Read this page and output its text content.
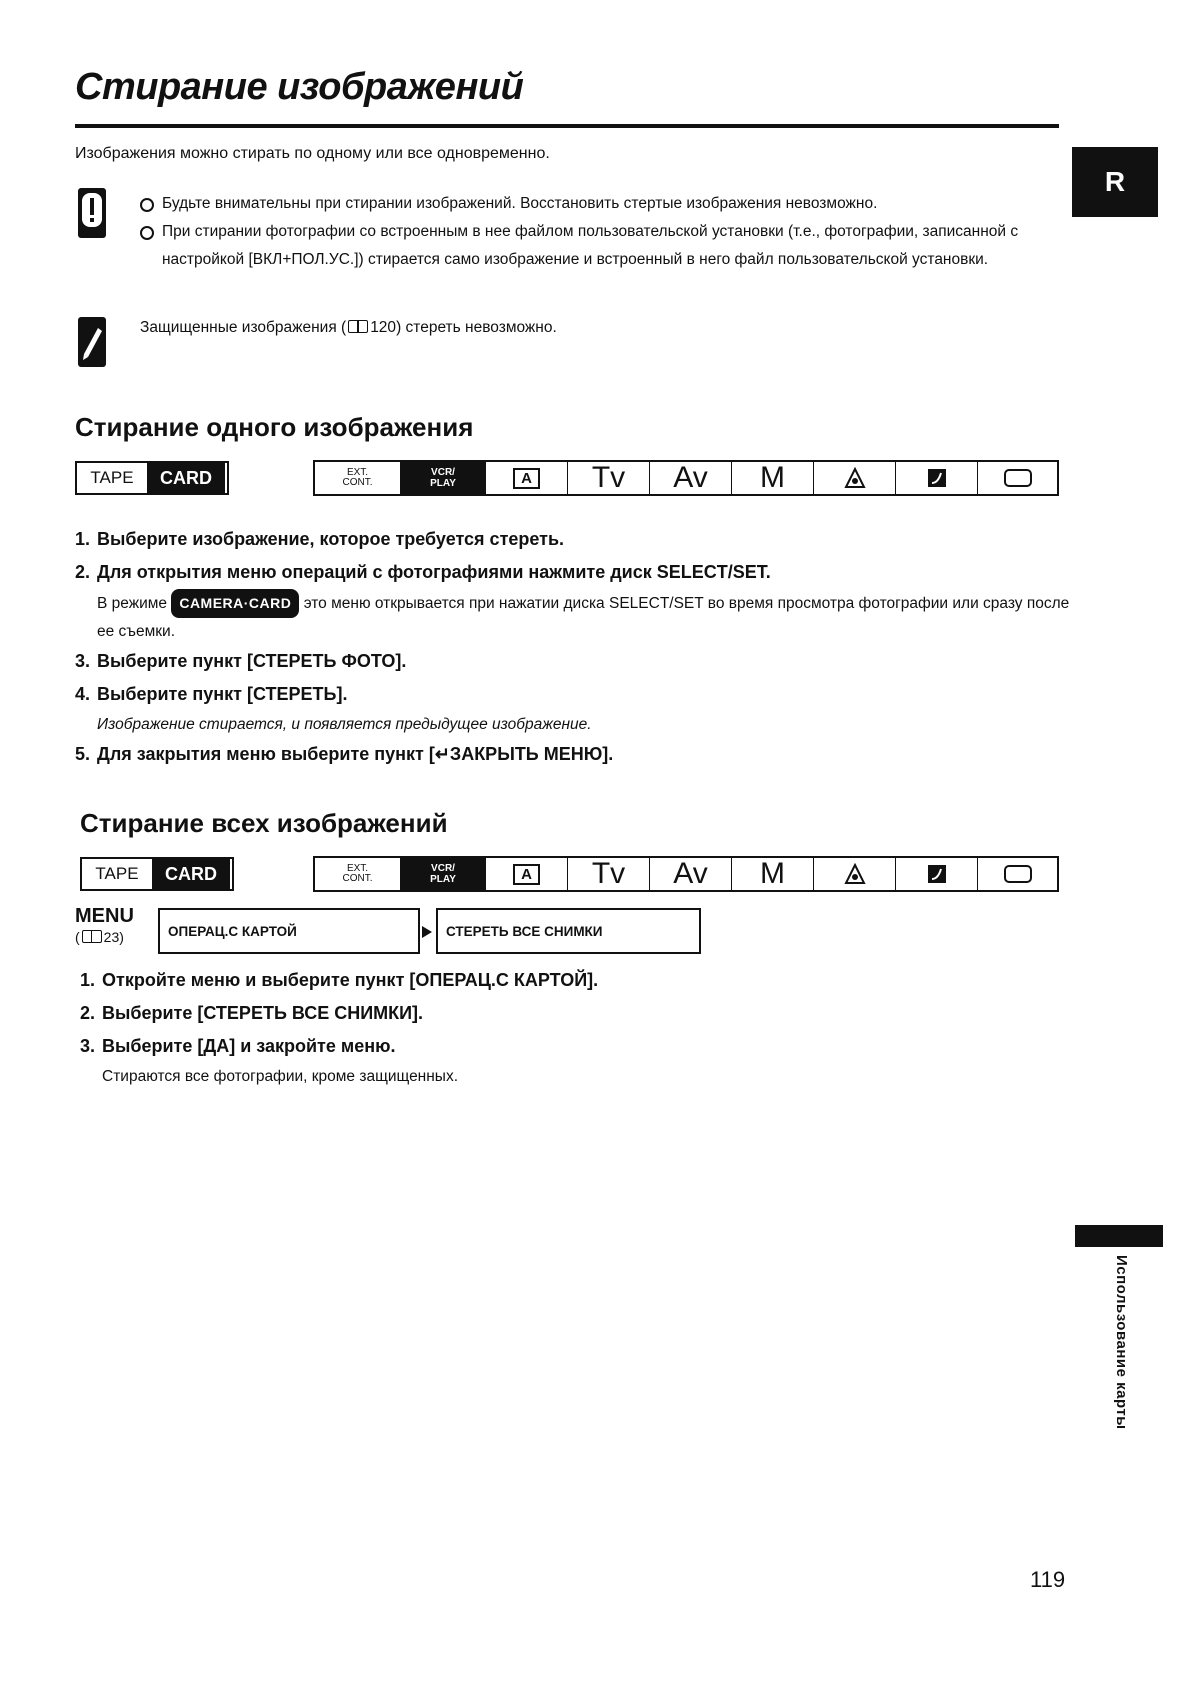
Стирание изображений

Изображения можно стирать по одному или все одновременно.

R
Будьте внимательны при стирании изображений. Восстановить стертые изображения невозможно.
При стирании фотографии со встроенным в нее файлом пользовательской установки (т.е., фотографии, записанной с настройкой [ВКЛ+ПОЛ.УС.]) стирается само изображение и встроенный в него файл пользовательской установки.

Защищенные изображения ( 120) стереть невозможно.

Стирание одного изображения
TAPE	CARD	EXT.
CONT.
VCR/
PLAY	A	Tv	Av	M
1. Выберите изображение, которое требуется стереть.
2. Для открытия меню операций с фотографиями нажмите диск SELECT/SET.

В режиме CAMERA·CARD это меню открывается при нажатии диска SELECT/SET во время просмотра фотографии или сразу после ее съемки.

3. Выберите пункт [СТЕРЕТЬ ФОТО].
4. Выберите пункт [СТЕРЕТЬ].

Изображение стирается, и появляется предыдущее изображение.

5. Для закрытия меню выберите пункт [↵ЗАКРЫТЬ МЕНЮ].
Стирание всех изображений
TAPE	CARD	EXT.
CONT.
VCR/
PLAY	A	Tv	Av	M
MENU
( 23)	ОПЕРАЦ.С КАРТОЙ	СТЕРЕТЬ ВСЕ СНИМКИ
1. Откройте меню и выберите пункт [ОПЕРАЦ.С КАРТОЙ].
2. Выберите [СТЕРЕТЬ ВСЕ СНИМКИ].
3. Выберите [ДА] и закройте меню.

Стираются все фотографии, кроме защищенных.

Использование карты
119
